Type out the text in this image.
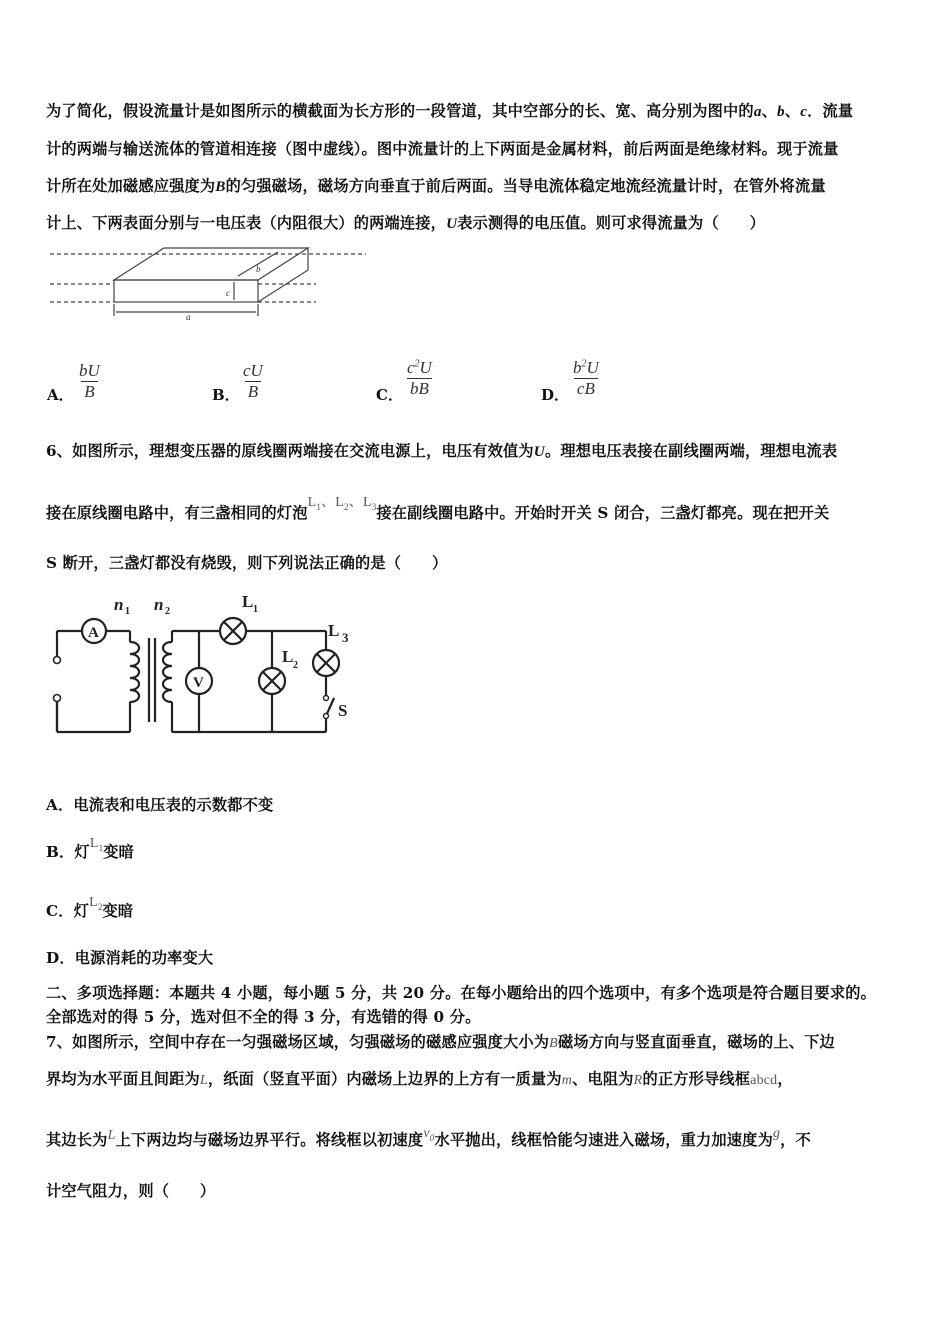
为了简化，假设流量计是如图所示的横截面为长方形的一段管道，其中空部分的长、宽、高分别为图中的a、b、c．流量
计的两端与输送流体的管道相连接（图中虚线）。图中流量计的上下两面是金属材料，前后两面是绝缘材料。现于流量
计所在处加磁感应强度为B的匀强磁场，磁场方向垂直于前后两面。当导电流体稳定地流经流量计时，在管外将流量
计上、下两表面分别与一电压表（内阻很大）的两端连接，U表示测得的电压值。则可求得流量为（　　）
b
c
a
A． $\frac{bU}{B}$	B． $\frac{cU}{B}$	C． $\frac{c^2U}{bB}$	D． $\frac{b^2U}{cB}$
6、如图所示，理想变压器的原线圈两端接在交流电源上，电压有效值为U。理想电压表接在副线圈两端，理想电流表
接在原线圈电路中，有三盏相同的灯泡$L_1$、$L_2$、$L_3$接在副线圈电路中。开始时开关 S 闭合，三盏灯都亮。现在把开关
S 断开，三盏灯都没有烧毁，则下列说法正确的是（　　）
A
V
n 1 n 2
L 1
L 2
L 3
S
A．电流表和电压表的示数都不变
B．灯$L_1$变暗
C．灯$L_2$变暗
D．电源消耗的功率变大
二、多项选择题：本题共 4 小题，每小题 5 分，共 20 分。在每小题给出的四个选项中，有多个选项是符合题目要求的。
全部选对的得 5 分，选对但不全的得 3 分，有选错的得 0 分。
7、如图所示，空间中存在一匀强磁场区域，匀强磁场的磁感应强度大小为B磁场方向与竖直面垂直，磁场的上、下边
界均为水平面且间距为L，纸面（竖直平面）内磁场上边界的上方有一质量为m、电阻为R的正方形导线框abcd，
其边长为L上下两边均与磁场边界平行。将线框以初速度$v_0$水平抛出，线框恰能匀速进入磁场，重力加速度为g，不
计空气阻力，则（　　）
